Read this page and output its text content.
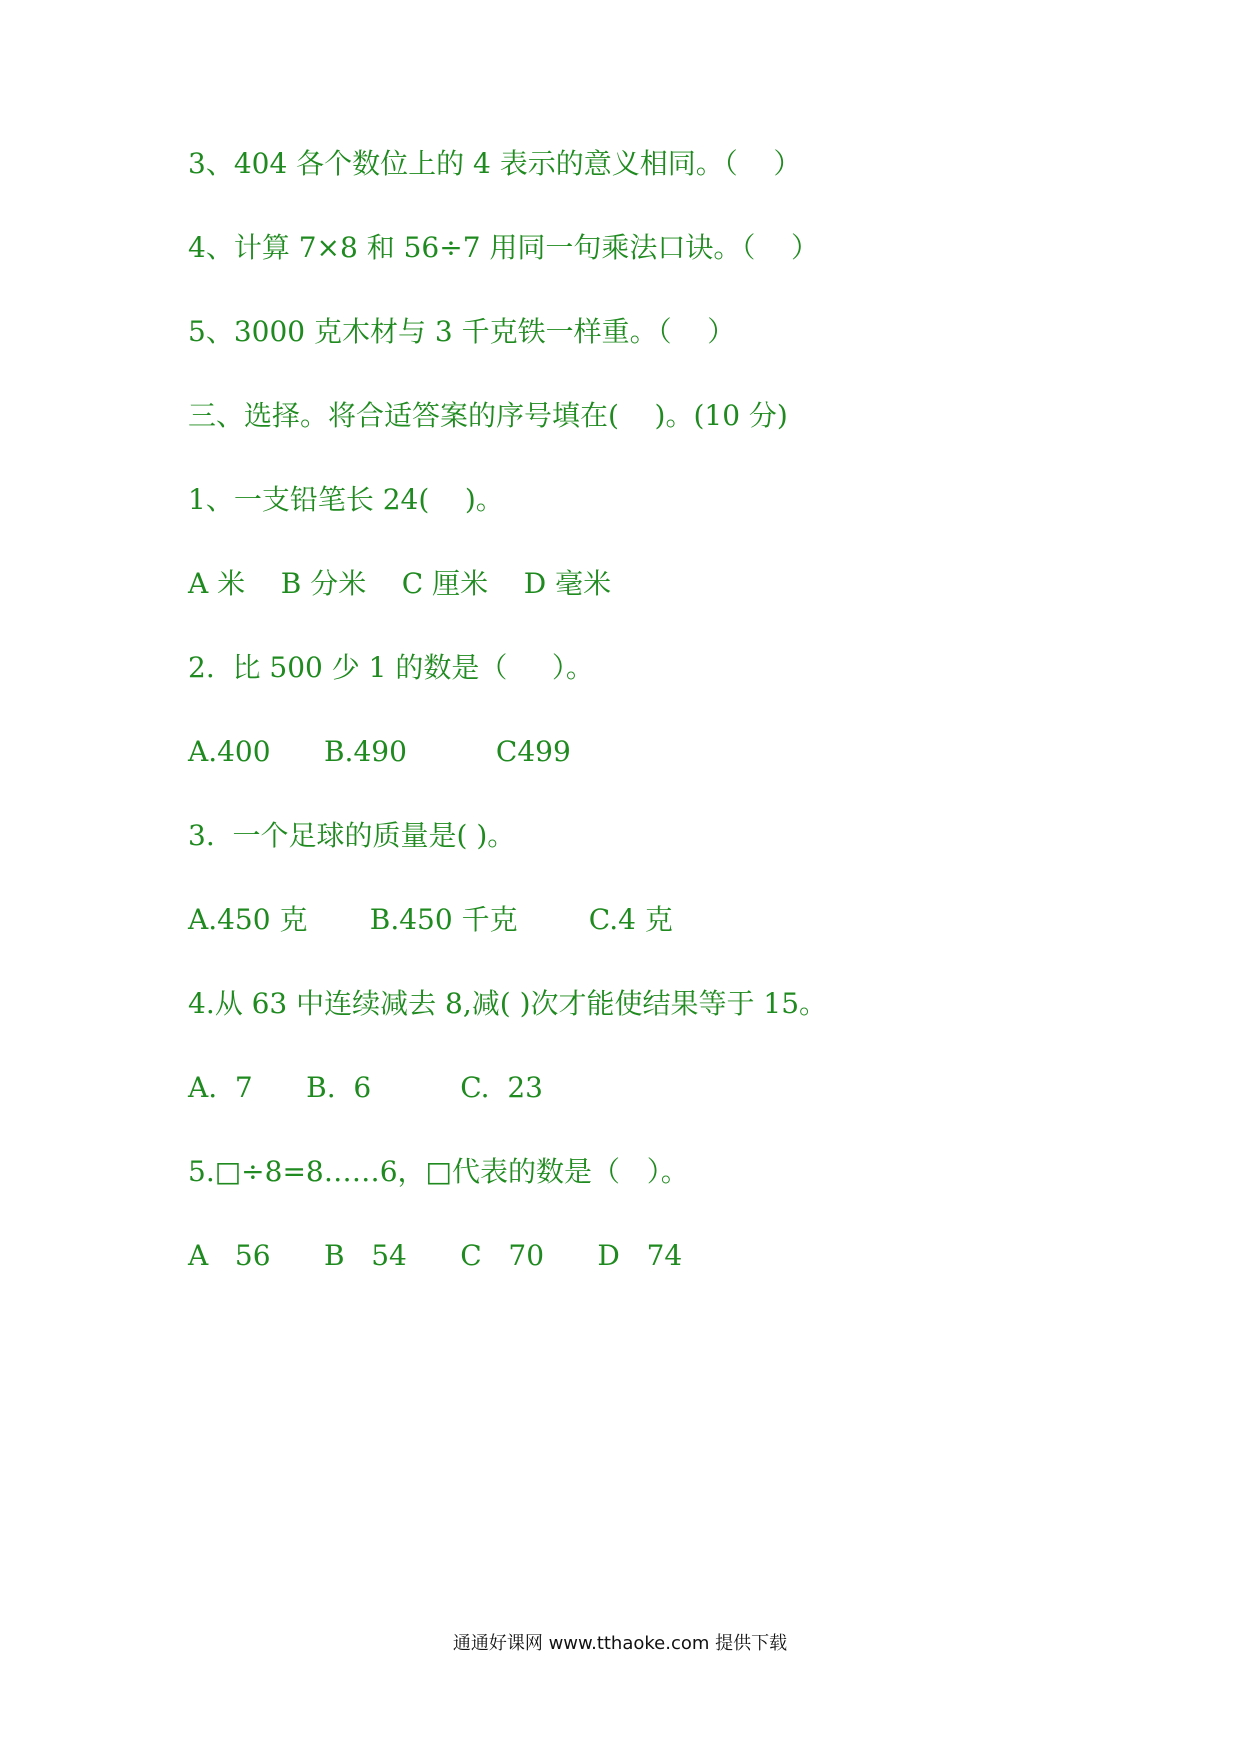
3、404 各个数位上的 4 表示的意义相同。（    ）
4、计算 7×8 和 56÷7 用同一句乘法口诀。（    ）
5、3000 克木材与 3 千克铁一样重。（    ）
三、选择。将合适答案的序号填在(    )。(10 分)
1、一支铅笔长 24(    )。
A 米    B 分米    C 厘米    D 毫米
2.  比 500 少 1 的数是（     ）。
A.400      B.490          C499
3.  一个足球的质量是( )。
A.450 克       B.450 千克        C.4 克
4.从 63 中连续减去 8,减( )次才能使结果等于 15。
A.  7      B.  6          C.  23
5.□÷8=8……6，□代表的数是（   ）。
A   56      B   54      C   70      D   74
通通好课网 www.tthaoke.com 提供下载
